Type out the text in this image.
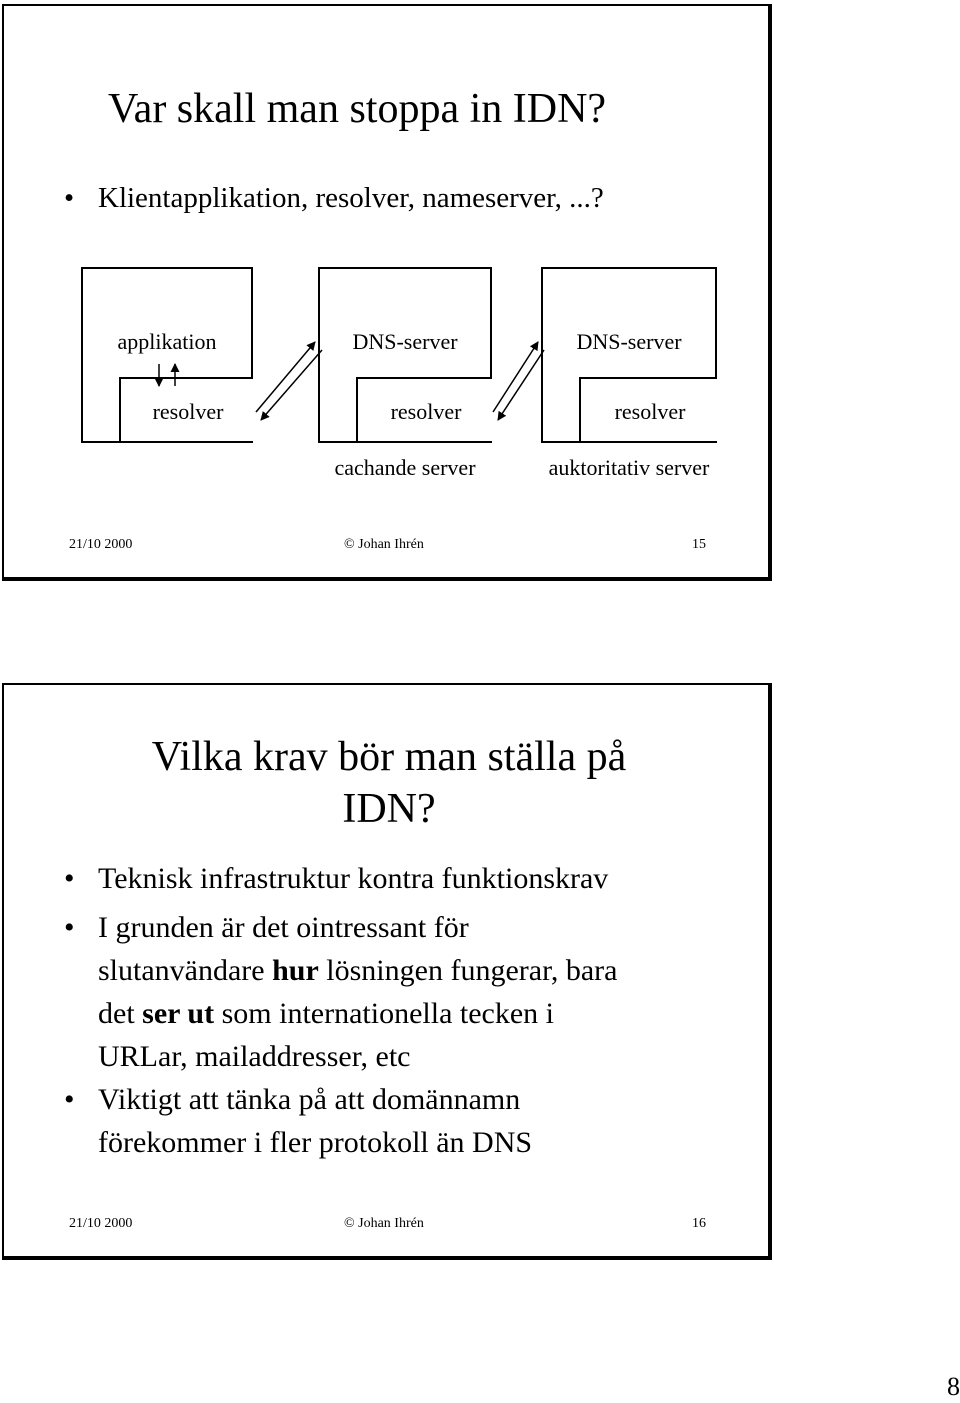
Var skall man stoppa in IDN?
• Klientapplikation, resolver, nameserver, ...?
applikation
resolver
DNS-server
resolver
cachande server
DNS-server
resolver
auktoritativ server
21/10 2000	© Johan Ihrén	15
Vilka krav bör man ställa på
IDN?
• Teknisk infrastruktur kontra funktionskrav
• I grunden är det ointressant för
slutanvändare hur lösningen fungerar, bara
det ser ut som internationella tecken i
URLar, mailaddresser, etc
• Viktigt att tänka på att domännamn
förekommer i fler protokoll än DNS
21/10 2000	© Johan Ihrén	16
8
